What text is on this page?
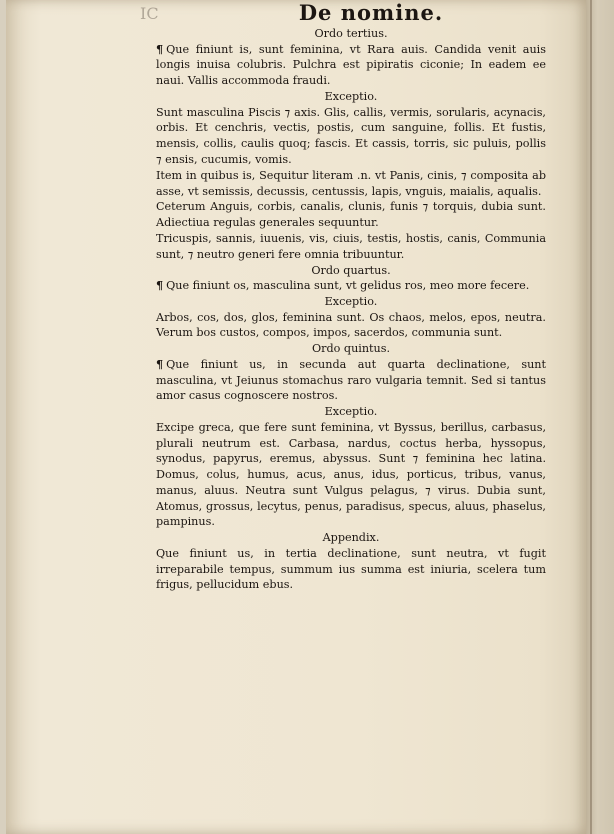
IC	De nomine.
Ordo tertius.

¶ Que finiunt is, sunt feminina, vt Rara auis. Candida venit auis longis inuisa colubris. Pulchra est pipiratis ciconie; In eadem ee naui. Vallis accommoda fraudi.

Exceptio.

Sunt masculina Piscis ⁊ axis. Glis, callis, vermis, sorularis, acynacis, orbis. Et cenchris, vectis, postis, cum sanguine, follis. Et fustis, mensis, collis, caulis quoq; fascis. Et cassis, torris, sic puluis, pollis ⁊ ensis, cucumis, vomis.

Item in quibus is, Sequitur literam .n. vt Panis, cinis, ⁊ composita ab asse, vt semissis, decussis, centussis, lapis, vnguis, maialis, aqualis.

Ceterum Anguis, corbis, canalis, clunis, funis ⁊ torquis, dubia sunt. Adiectiua regulas generales sequuntur.

Tricuspis, sannis, iuuenis, vis, ciuis, testis, hostis, canis, Communia sunt, ⁊ neutro generi fere omnia tribuuntur.

Ordo quartus.

¶ Que finiunt os, masculina sunt, vt gelidus ros, meo more fecere.

Exceptio.

Arbos, cos, dos, glos, feminina sunt. Os chaos, melos, epos, neutra. Verum bos custos, compos, impos, sacerdos, communia sunt.

Ordo quintus.

¶ Que finiunt us, in secunda aut quarta declinatione, sunt masculina, vt Jeiunus stomachus raro vulgaria temnit. Sed si tantus amor casus cognoscere nostros.

Exceptio.

Excipe greca, que fere sunt feminina, vt Byssus, berillus, carbasus, plurali neutrum est. Carbasa, nardus, coctus herba, hyssopus, synodus, papyrus, eremus, abyssus. Sunt ⁊ feminina hec latina. Domus, colus, humus, acus, anus, idus, porticus, tribus, vanus, manus, aluus. Neutra sunt Vulgus pelagus, ⁊ virus. Dubia sunt, Atomus, grossus, lecytus, penus, paradisus, specus, aluus, phaselus, pampinus.

Appendix.

Que finiunt us, in tertia declinatione, sunt neutra, vt fugit irreparabile tempus, summum ius summa est iniuria, scelera tum frigus, pellucidum ebus.
